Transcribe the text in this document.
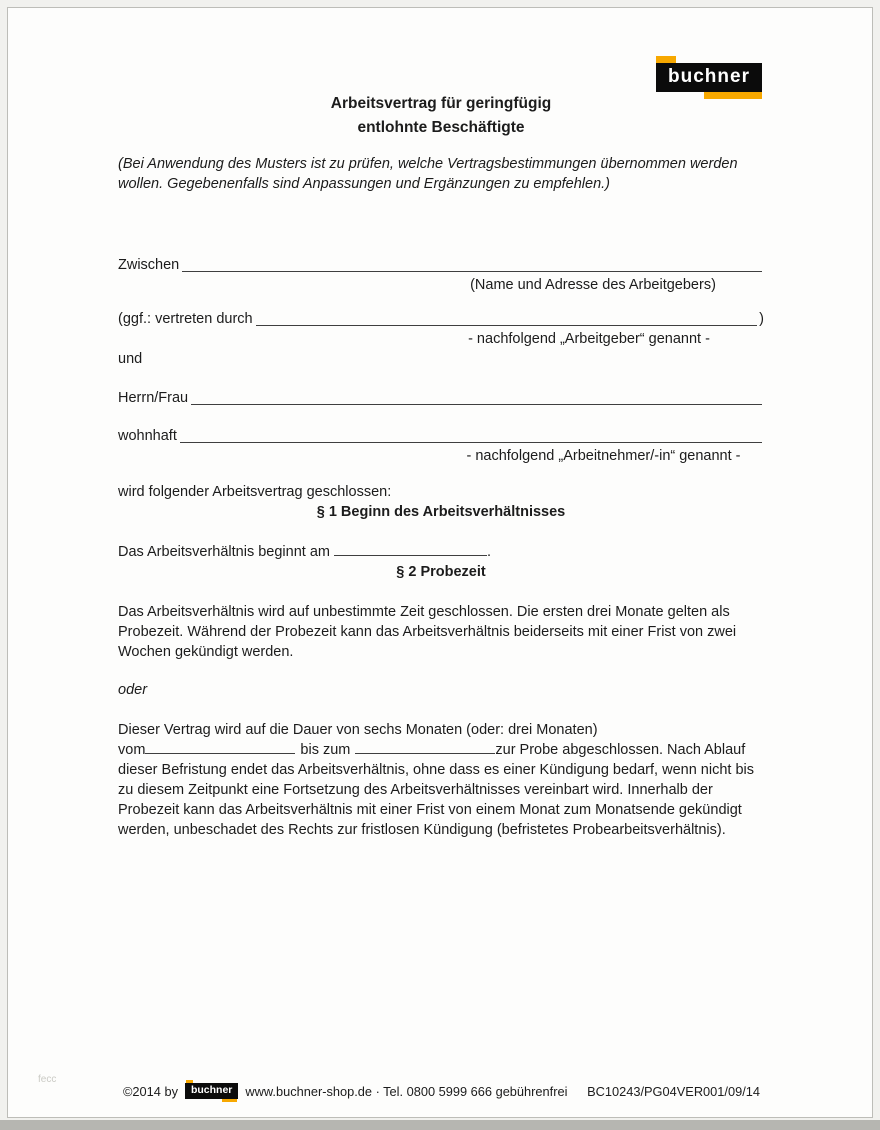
buchner
Arbeitsvertrag für geringfügig
entlohnte Beschäftigte

(Bei Anwendung des Musters ist zu prüfen, welche Vertragsbestimmungen übernommen werden wollen. Gegebenenfalls sind Anpassungen und Ergänzungen zu empfehlen.)

Zwischen
(Name und Adresse des Arbeitgebers)
(ggf.: vertreten durch	)
- nachfolgend „Arbeitgeber“ genannt -
und
Herrn/Frau
wohnhaft
- nachfolgend „Arbeitnehmer/-in“ genannt -

wird folgender Arbeitsvertrag geschlossen:

§ 1 Beginn des Arbeitsverhältnisses

Das Arbeitsverhältnis beginnt am	.

§ 2 Probezeit

Das Arbeitsverhältnis wird auf unbestimmte Zeit geschlossen. Die ersten drei Monate gelten als Probezeit. Während der Probezeit kann das Arbeitsverhältnis beiderseits mit einer Frist von zwei Wochen gekündigt werden.

oder

Dieser Vertrag wird auf die Dauer von sechs Monaten (oder: drei Monaten)
vom	bis zum	zur Probe abgeschlossen. Nach Ablauf dieser Befristung endet das Arbeitsverhältnis, ohne dass es einer Kündigung bedarf, wenn nicht bis zu diesem Zeitpunkt eine Fortsetzung des Arbeitsverhältnisses vereinbart wird. Innerhalb der Probezeit kann das Arbeitsverhältnis mit einer Frist von einem Monat zum Monatsende gekündigt werden, unbeschadet des Rechts zur fristlosen Kündigung (befristetes Probearbeitsverhältnis).

fecc
©2014 by	buchner	www.buchner-shop.de · Tel. 0800 5999 666 gebührenfrei BC10243/PG04VER001/09/14
